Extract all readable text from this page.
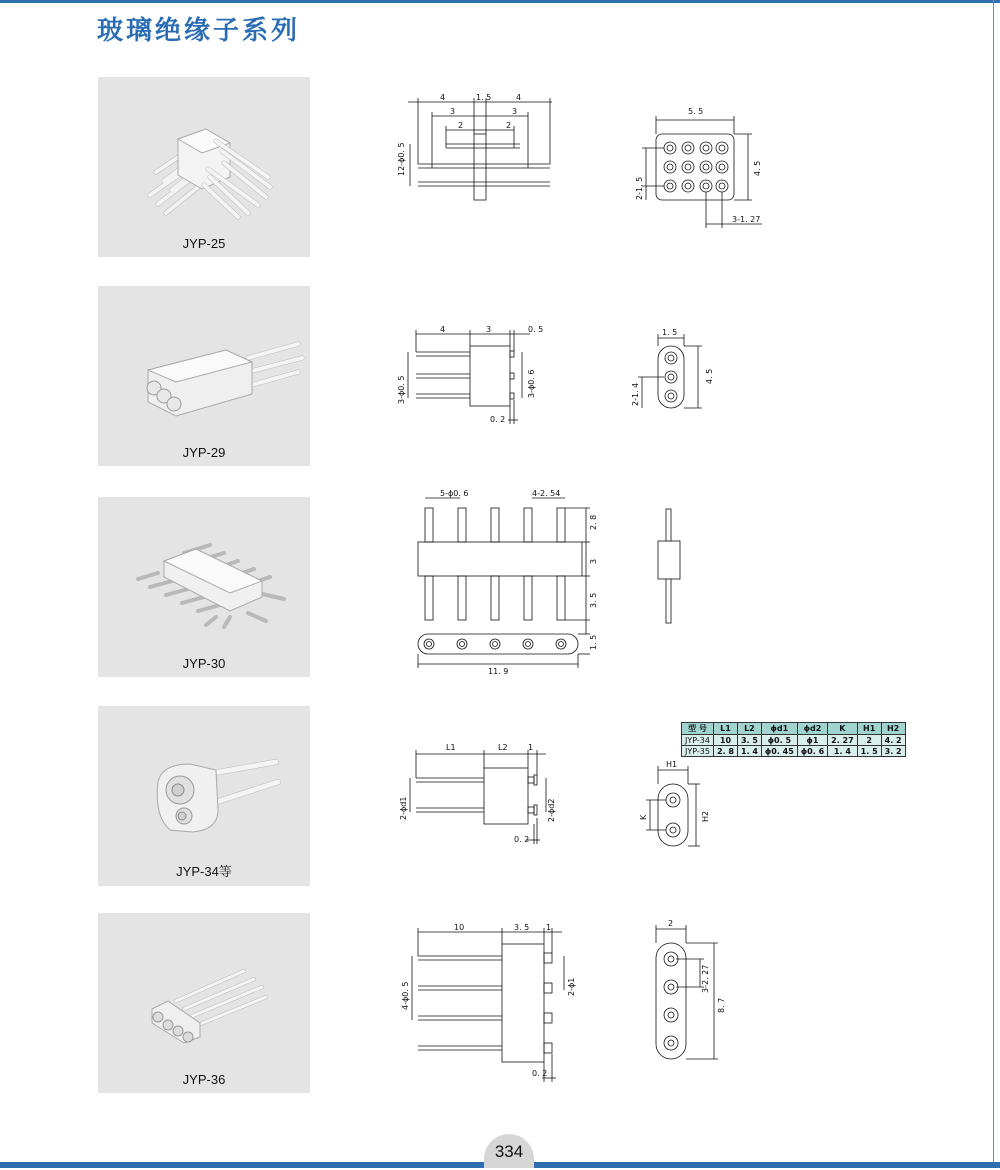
玻璃绝缘子系列
JYP-25
JYP-29
JYP-30
JYP-34等
JYP-36
4	1. 5	4
3	3
2	2
12-ϕ0. 5
5. 5
4. 5
2-1. 5
3-1. 27
4	3	0. 5
3-ϕ0. 5	3-ϕ0. 6
0. 2
1. 5
4. 5
2-1. 4
5-ϕ0. 6	4-2. 54
2. 8
3
3. 5
1. 5
11. 9
L1	L2	1
2-ϕd1	2-ϕd2
0. 2
H1
K	H2
型 号	L1	L2	ϕd1	ϕd2	K	H1	H2
JYP-34	10	3. 5	ϕ0. 5	ϕ1	2. 27	2	4. 2
JYP-35	2. 8	1. 4	ϕ0. 45	ϕ0. 6	1. 4	1. 5	3. 2
10	3. 5 1
4-ϕ0. 5	2-ϕ1
0. 2
2
3-2. 27
8. 7
334
